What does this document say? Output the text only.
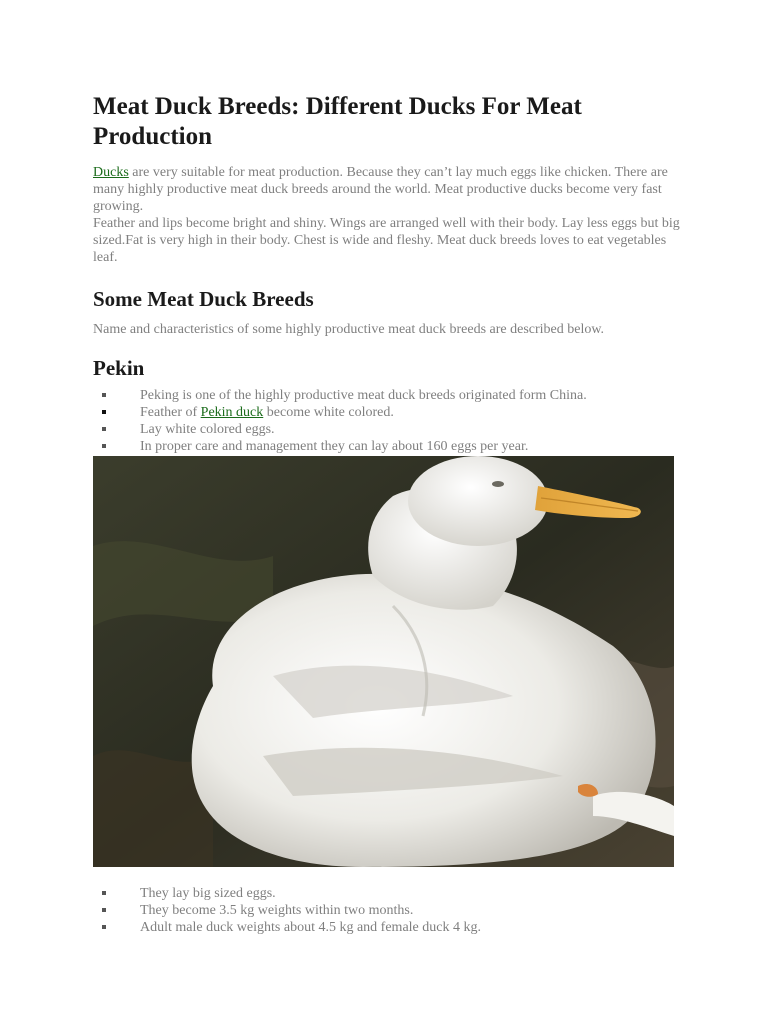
Meat Duck Breeds: Different Ducks For Meat Production

Ducks are very suitable for meat production. Because they can’t lay much eggs like chicken. There are many highly productive meat duck breeds around the world. Meat productive ducks become very fast growing.

Feather and lips become bright and shiny. Wings are arranged well with their body. Lay less eggs but big sized.Fat is very high in their body. Chest is wide and fleshy. Meat duck breeds loves to eat vegetables leaf.

Some Meat Duck Breeds
Name and characteristics of some highly productive meat duck breeds are described below.
Pekin
Peking is one of the highly productive meat duck breeds originated form China.
Feather of Pekin duck become white colored.
Lay white colored eggs.
In proper care and management they can lay about 160 eggs per year.
They lay big sized eggs.
They become 3.5 kg weights within two months.
Adult male duck weights about 4.5 kg and female duck 4 kg.
